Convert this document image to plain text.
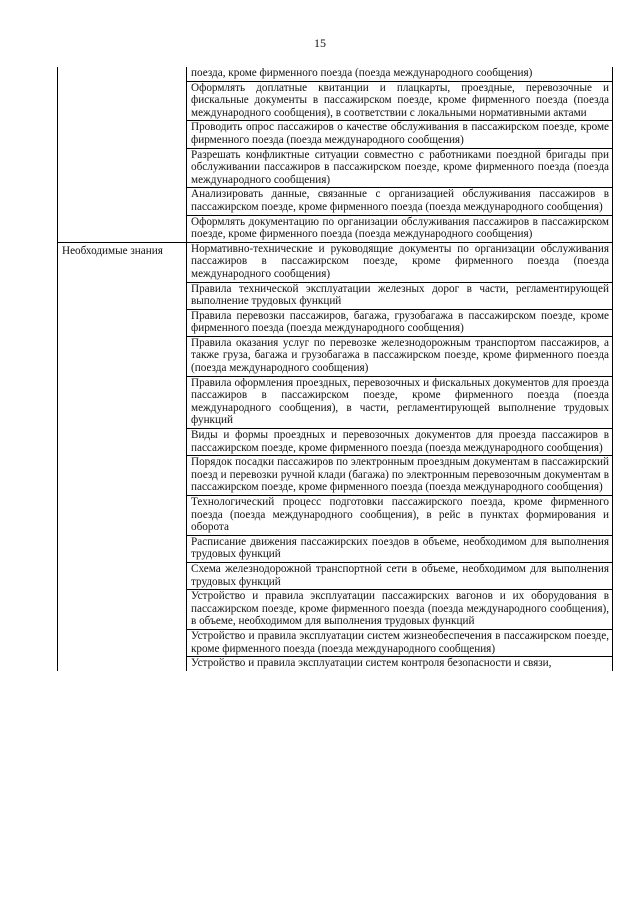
15
	поезда, кроме фирменного поезда (поезда международного сообщения)
	Оформлять доплатные квитанции и плацкарты, проездные, перевозочные и фискальные документы в пассажирском поезде, кроме фирменного поезда (поезда международного сообщения), в соответствии с локальными нормативными актами
	Проводить опрос пассажиров о качестве обслуживания в пассажирском поезде, кроме фирменного поезда (поезда международного сообщения)
	Разрешать конфликтные ситуации совместно с работниками поездной бригады при обслуживании пассажиров в пассажирском поезде, кроме фирменного поезда (поезда международного сообщения)
	Анализировать данные, связанные с организацией обслуживания пассажиров в пассажирском поезде, кроме фирменного поезда (поезда международного сообщения)
	Оформлять документацию по организации обслуживания пассажиров в пассажирском поезде, кроме фирменного поезда (поезда международного сообщения)

Необходимые знания	Нормативно-технические и руководящие документы по организации обслуживания пассажиров в пассажирском поезде, кроме фирменного поезда (поезда международного сообщения)
	Правила технической эксплуатации железных дорог в части, регламентирующей выполнение трудовых функций
	Правила перевозки пассажиров, багажа, грузобагажа в пассажирском поезде, кроме фирменного поезда (поезда международного сообщения)
	Правила оказания услуг по перевозке железнодорожным транспортом пассажиров, а также груза, багажа и грузобагажа в пассажирском поезде, кроме фирменного поезда (поезда международного сообщения)
	Правила оформления проездных, перевозочных и фискальных документов для проезда пассажиров в пассажирском поезде, кроме фирменного поезда (поезда международного сообщения), в части, регламентирующей выполнение трудовых функций
	Виды и формы проездных и перевозочных документов для проезда пассажиров в пассажирском поезде, кроме фирменного поезда (поезда международного сообщения)
	Порядок посадки пассажиров по электронным проездным документам в пассажирский поезд и перевозки ручной клади (багажа) по электронным перевозочным документам в пассажирском поезде, кроме фирменного поезда (поезда международного сообщения)
	Технологический процесс подготовки пассажирского поезда, кроме фирменного поезда (поезда международного сообщения), в рейс в пунктах формирования и оборота
	Расписание движения пассажирских поездов в объеме, необходимом для выполнения трудовых функций
	Схема железнодорожной транспортной сети в объеме, необходимом для выполнения трудовых функций
	Устройство и правила эксплуатации пассажирских вагонов и их оборудования в пассажирском поезде, кроме фирменного поезда (поезда международного сообщения), в объеме, необходимом для выполнения трудовых функций
	Устройство и правила эксплуатации систем жизнеобеспечения в пассажирском поезде, кроме фирменного поезда (поезда международного сообщения)
	Устройство и правила эксплуатации систем контроля безопасности и связи,
